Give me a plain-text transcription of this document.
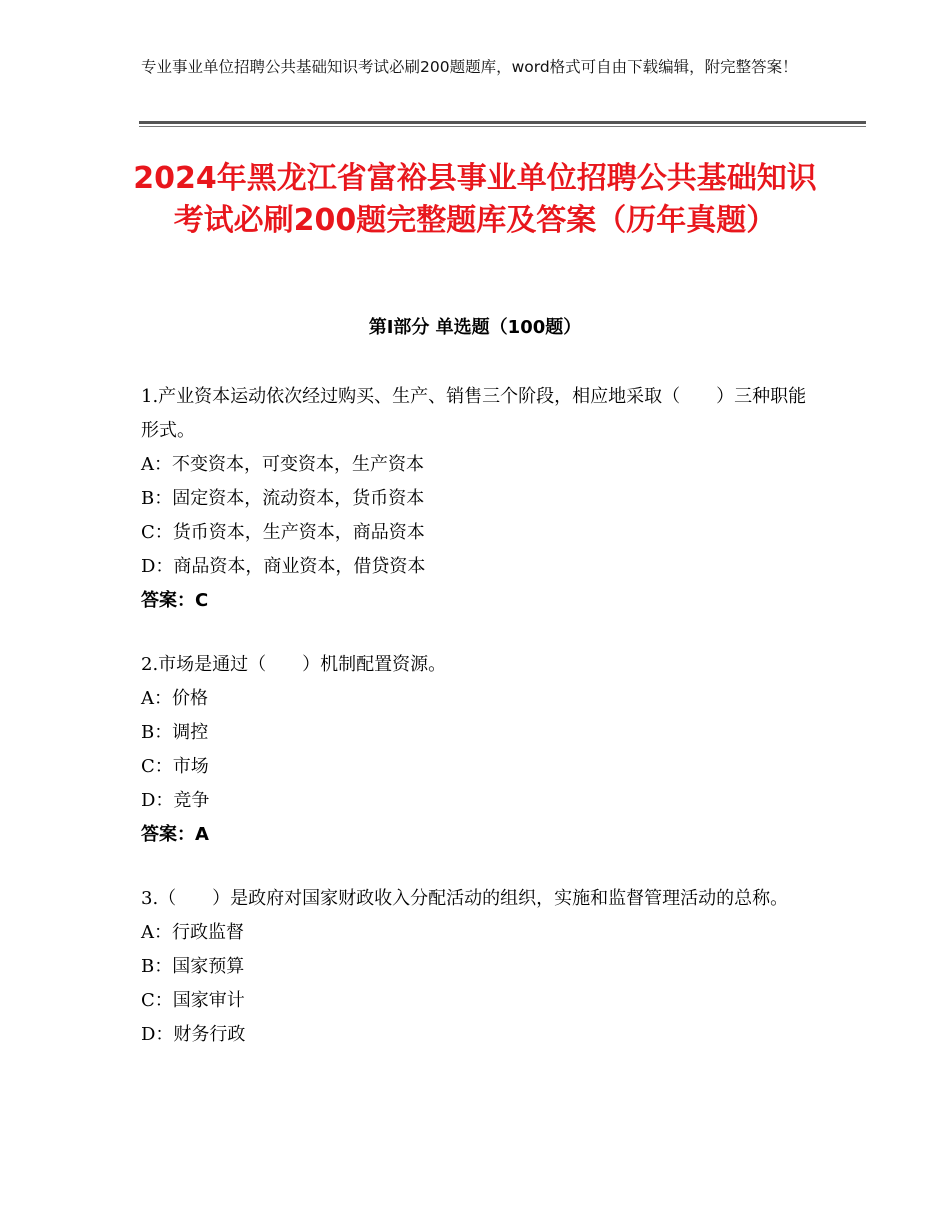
专业事业单位招聘公共基础知识考试必刷200题题库，word格式可自由下载编辑，附完整答案！
2024年黑龙江省富裕县事业单位招聘公共基础知识考试必刷200题完整题库及答案（历年真题）
第Ⅰ部分 单选题（100题）

1.产业资本运动依次经过购买、生产、销售三个阶段，相应地采取（　　）三种职能形式。

A：不变资本，可变资本，生产资本

B：固定资本，流动资本，货币资本

C：货币资本，生产资本，商品资本

D：商品资本，商业资本，借贷资本

答案：C

2.市场是通过（　　）机制配置资源。

A：价格

B：调控

C：市场

D：竞争

答案：A

3.（　　）是政府对国家财政收入分配活动的组织，实施和监督管理活动的总称。

A：行政监督

B：国家预算

C：国家审计

D：财务行政
